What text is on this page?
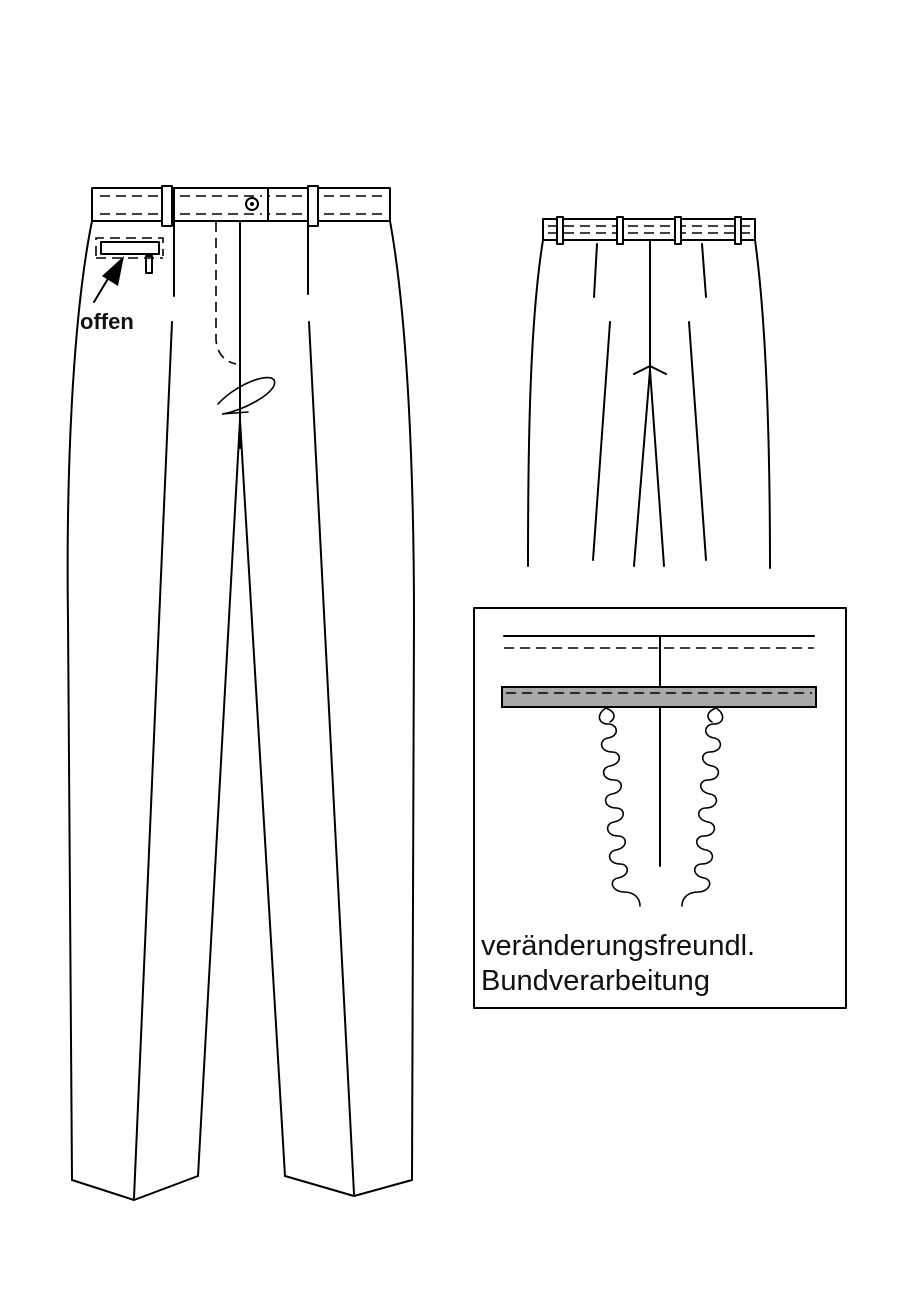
offen
veränderungsfreundl.
Bundverarbeitung
